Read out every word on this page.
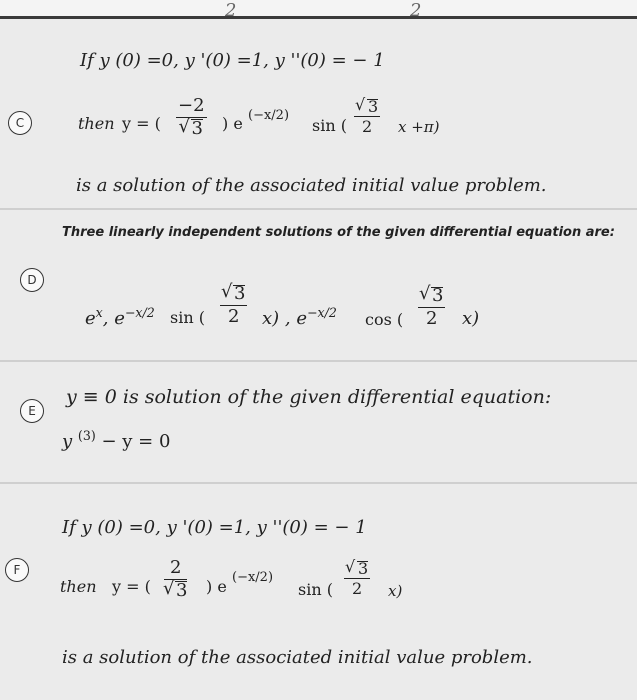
2	2
If y (0) =0, y '(0) =1, y ''(0) = − 1
C	then y = ( −2
√ 3 ) e (−x/2)
sin ( √ $\frac{3}{2}$ x +π)
is a solution of the associated initial value problem.
Three linearly independent solutions of the given differential equation are:
D
$e^x$, $e^{-x/2}$ sin ( √ $\frac{3}{2} x$) , $e^{-x/2}$ cos ( √ $\frac{3}{2} x$)
y ≡ 0 is solution of the given differential equation:
E
y $^{(3)}$ − y = 0
If y (0) =0, y '(0) =1, y ''(0) = − 1
F
then y = ( 2
√ 3 ) e (−x/2)
sin ( √ $\frac{3}{2} x$)
is a solution of the associated initial value problem.
